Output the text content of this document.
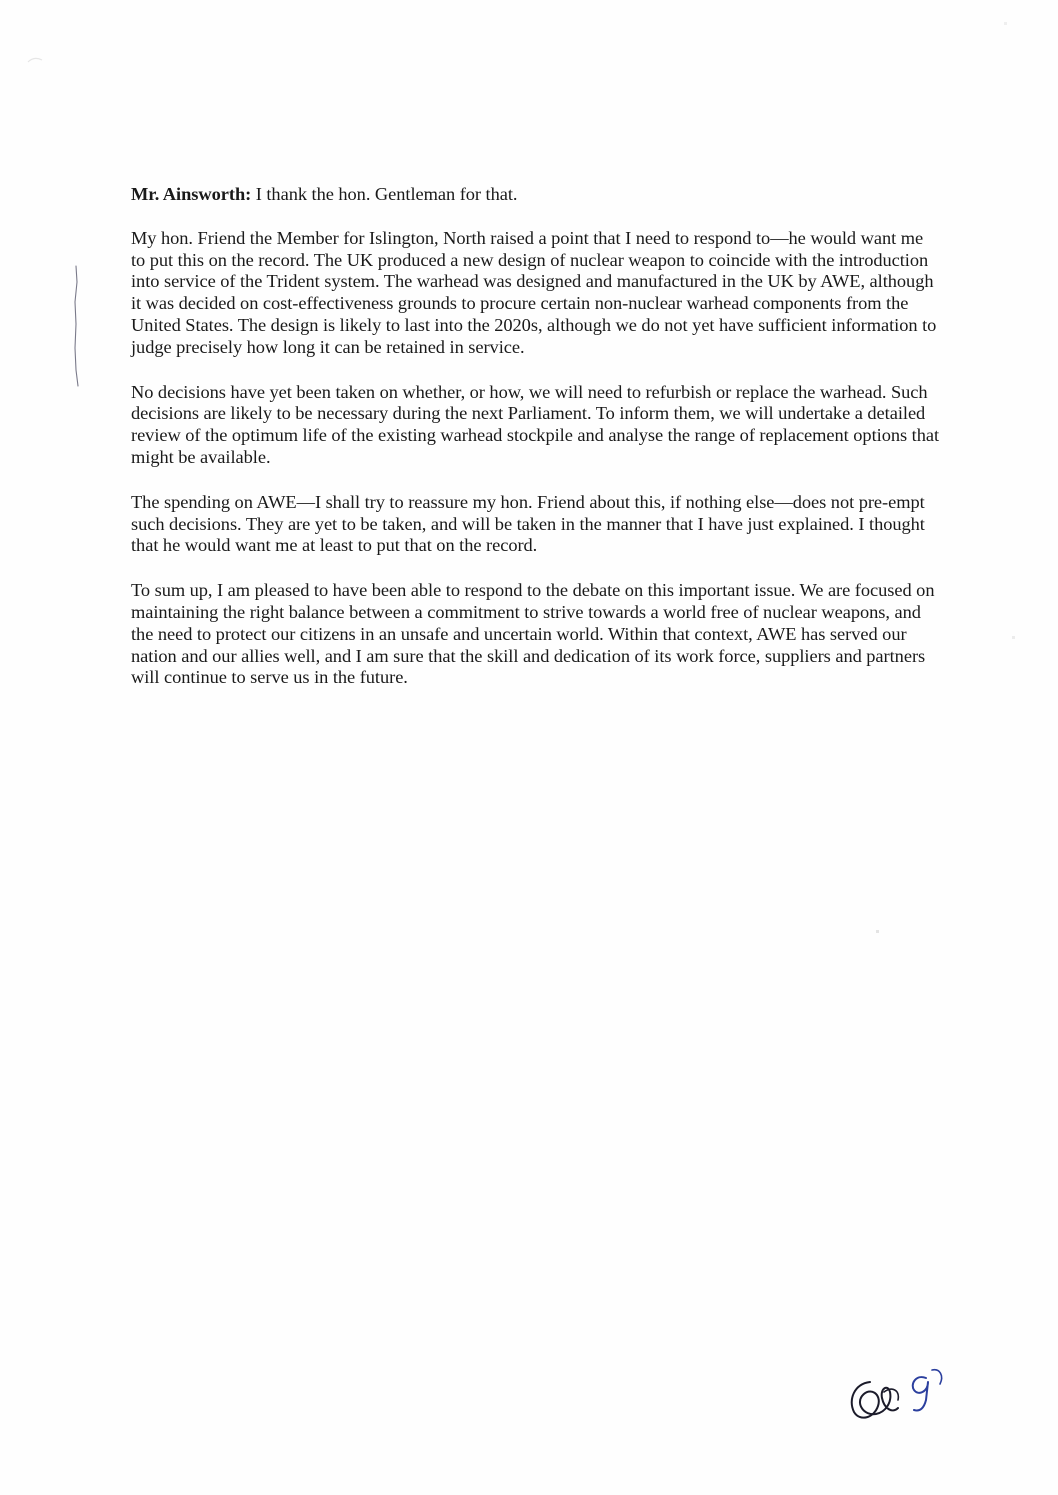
Mr. Ainsworth: I thank the hon. Gentleman for that.

My hon. Friend the Member for Islington, North raised a point that I need to respond to—he would want me to put this on the record. The UK produced a new design of nuclear weapon to coincide with the introduction into service of the Trident system. The warhead was designed and manufactured in the UK by AWE, although it was decided on cost-effectiveness grounds to procure certain non-nuclear warhead components from the United States. The design is likely to last into the 2020s, although we do not yet have sufficient information to judge precisely how long it can be retained in service.

No decisions have yet been taken on whether, or how, we will need to refurbish or replace the warhead. Such decisions are likely to be necessary during the next Parliament. To inform them, we will undertake a detailed review of the optimum life of the existing warhead stockpile and analyse the range of replacement options that might be available.

The spending on AWE—I shall try to reassure my hon. Friend about this, if nothing else—does not pre-empt such decisions. They are yet to be taken, and will be taken in the manner that I have just explained. I thought that he would want me at least to put that on the record.

To sum up, I am pleased to have been able to respond to the debate on this important issue. We are focused on maintaining the right balance between a commitment to strive towards a world free of nuclear weapons, and the need to protect our citizens in an unsafe and uncertain world. Within that context, AWE has served our nation and our allies well, and I am sure that the skill and dedication of its work force, suppliers and partners will continue to serve us in the future.
